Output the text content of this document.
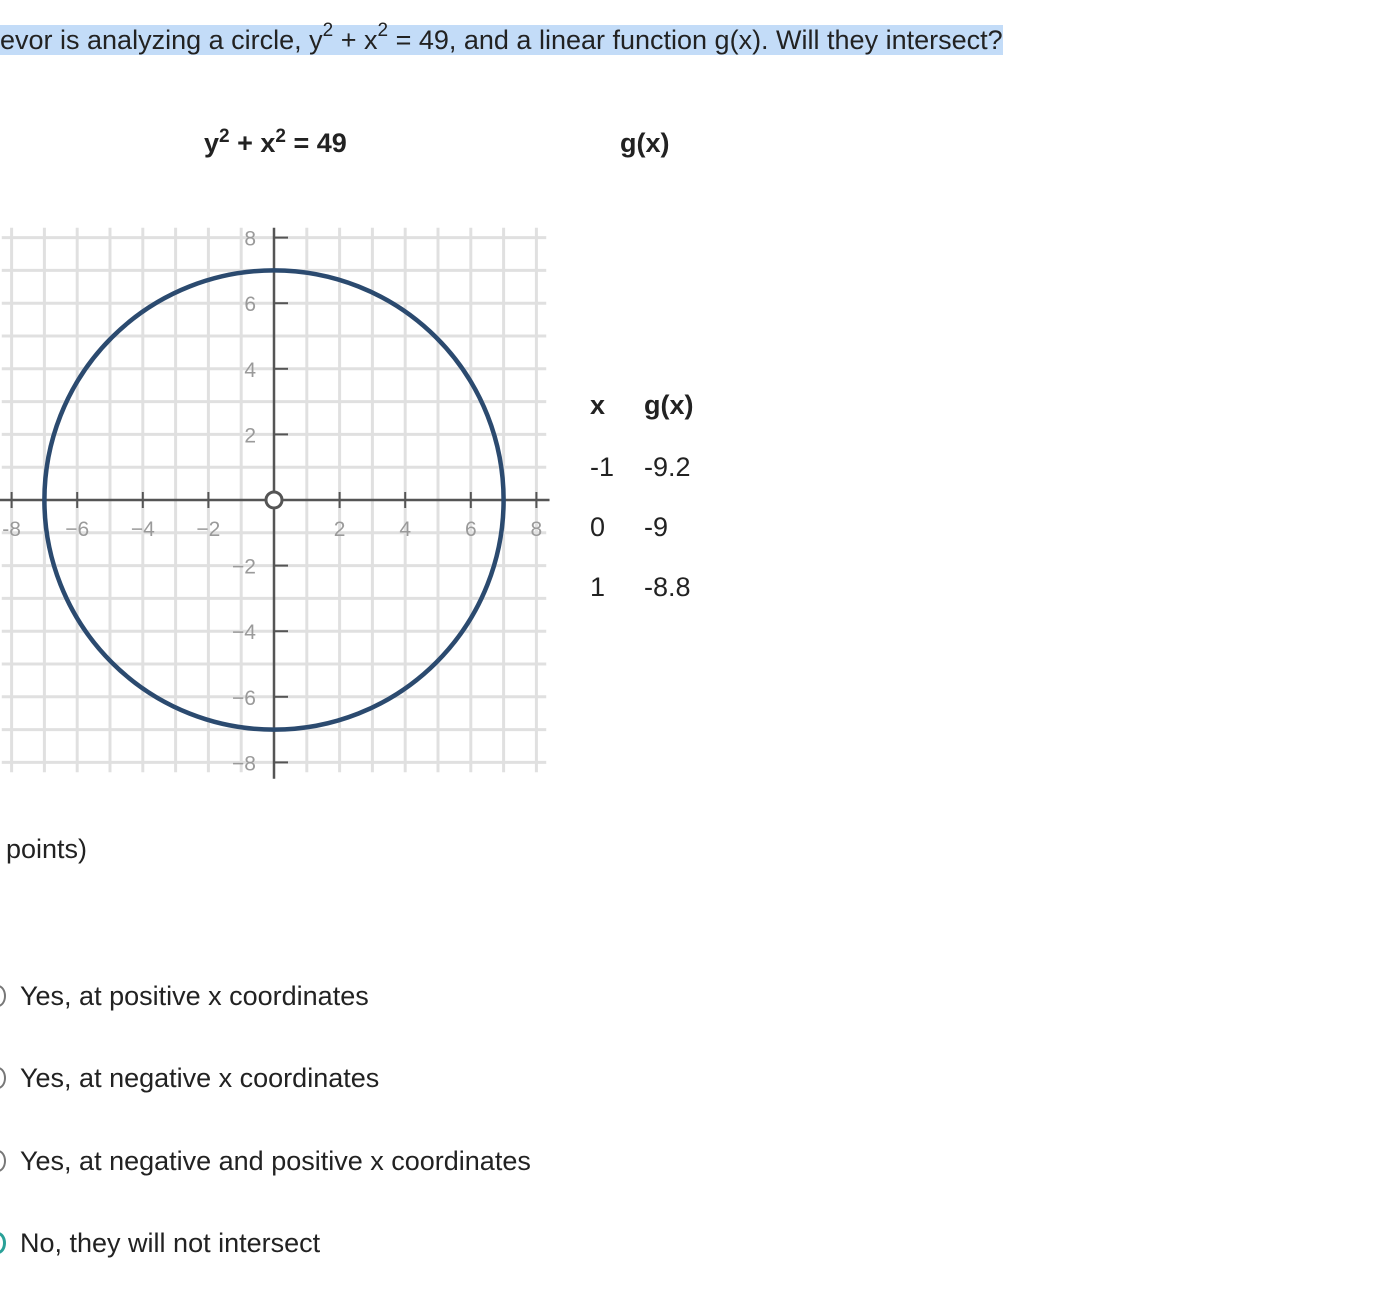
evor is analyzing a circle, $y^2 + x^2 = 49$, and a linear function g(x). Will they intersect?
$y^2 + x^2 = 49$	g(x)
-8 −6 −4 −2	2	4	6	8
8
6
4
2
−2
−4
−6
−8
x g(x)
-1 -9.2
0 -9
1 -8.8
points)
Yes, at positive x coordinates
Yes, at negative x coordinates
Yes, at negative and positive x coordinates
No, they will not intersect
